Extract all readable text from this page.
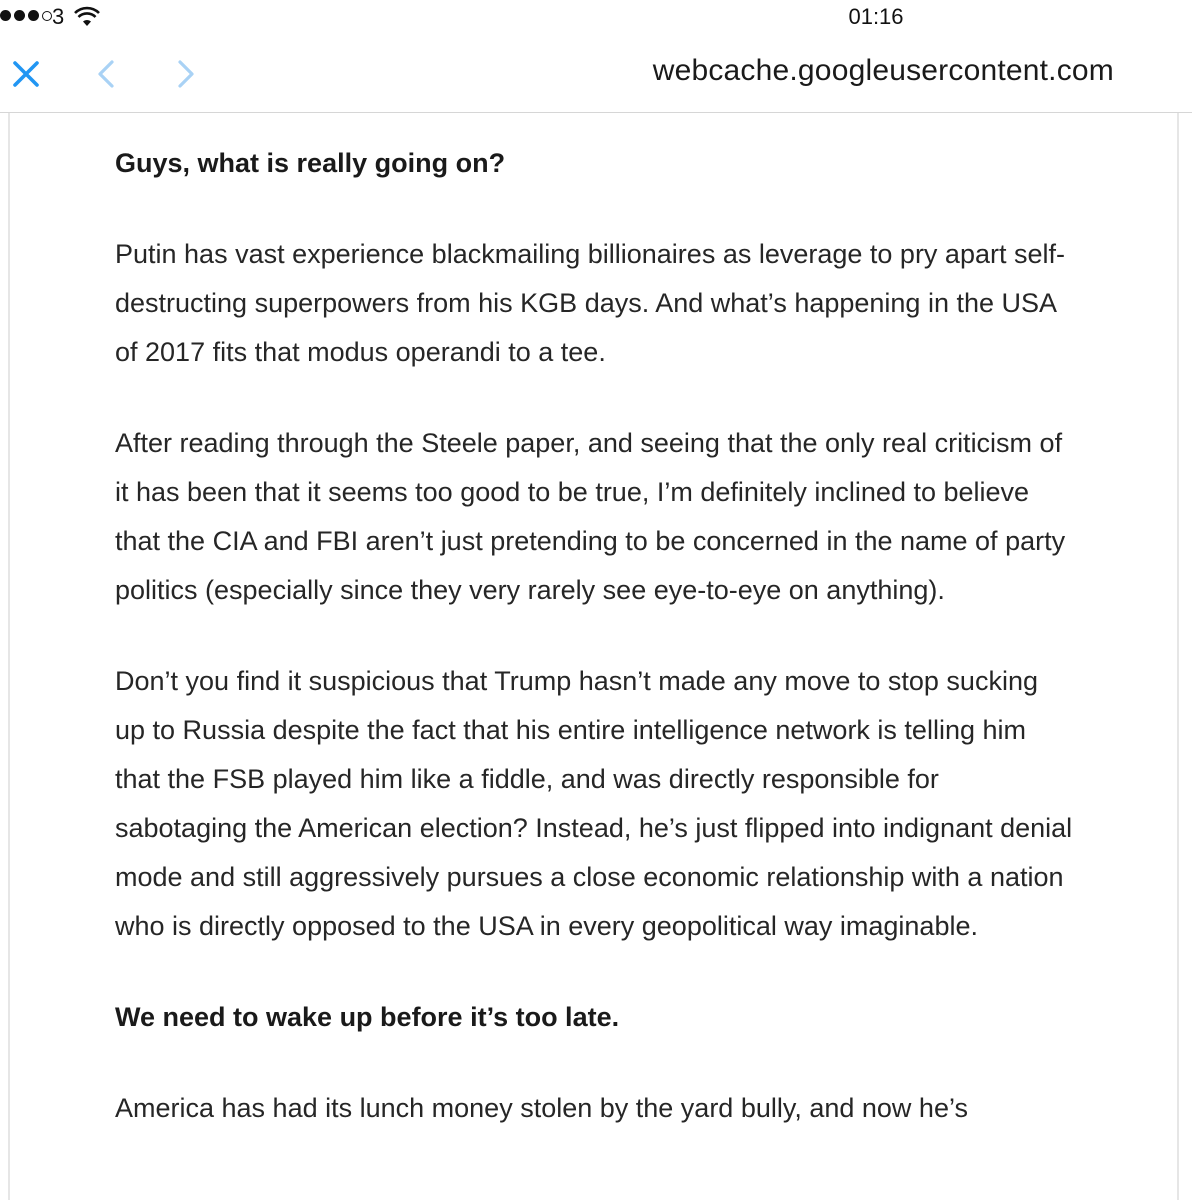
3	01:16
webcache.googleusercontent.com

Guys, what is really going on?

Putin has vast experience blackmailing billionaires as leverage to pry apart self-destructing superpowers from his KGB days. And what’s happening in the USA of 2017 fits that modus operandi to a tee.

After reading through the Steele paper, and seeing that the only real criticism of it has been that it seems too good to be true, I’m definitely inclined to believe that the CIA and FBI aren’t just pretending to be concerned in the name of party politics (especially since they very rarely see eye-to-eye on anything).

Don’t you find it suspicious that Trump hasn’t made any move to stop sucking up to Russia despite the fact that his entire intelligence network is telling him that the FSB played him like a fiddle, and was directly responsible for sabotaging the American election? Instead, he’s just flipped into indignant denial mode and still aggressively pursues a close economic relationship with a nation who is directly opposed to the USA in every geopolitical way imaginable.

We need to wake up before it’s too late.

America has had its lunch money stolen by the yard bully, and now he’s
